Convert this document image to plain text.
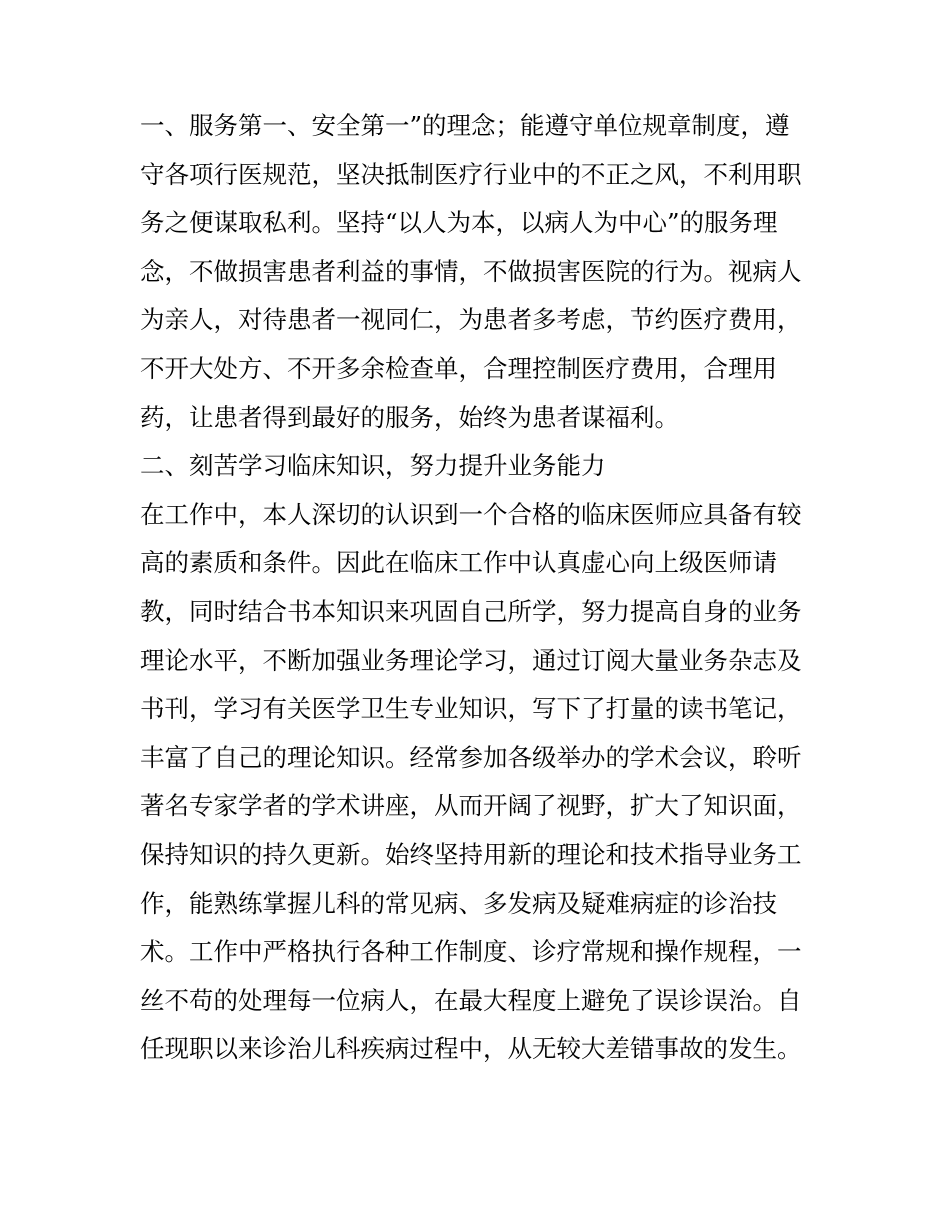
一、服务第一、安全第一”的理念；能遵守单位规章制度，遵
守各项行医规范，坚决抵制医疗行业中的不正之风，不利用职
务之便谋取私利。坚持“以人为本，以病人为中心”的服务理
念，不做损害患者利益的事情，不做损害医院的行为。视病人
为亲人，对待患者一视同仁，为患者多考虑，节约医疗费用，
不开大处方、不开多余检查单，合理控制医疗费用，合理用
药，让患者得到最好的服务，始终为患者谋福利。
二、刻苦学习临床知识，努力提升业务能力
在工作中，本人深切的认识到一个合格的临床医师应具备有较
高的素质和条件。因此在临床工作中认真虚心向上级医师请
教，同时结合书本知识来巩固自己所学，努力提高自身的业务
理论水平，不断加强业务理论学习，通过订阅大量业务杂志及
书刊，学习有关医学卫生专业知识，写下了打量的读书笔记，
丰富了自己的理论知识。经常参加各级举办的学术会议，聆听
著名专家学者的学术讲座，从而开阔了视野，扩大了知识面，
保持知识的持久更新。始终坚持用新的理论和技术指导业务工
作，能熟练掌握儿科的常见病、多发病及疑难病症的诊治技
术。工作中严格执行各种工作制度、诊疗常规和操作规程，一
丝不苟的处理每一位病人，在最大程度上避免了误诊误治。自
任现职以来诊治儿科疾病过程中，从无较大差错事故的发生。
